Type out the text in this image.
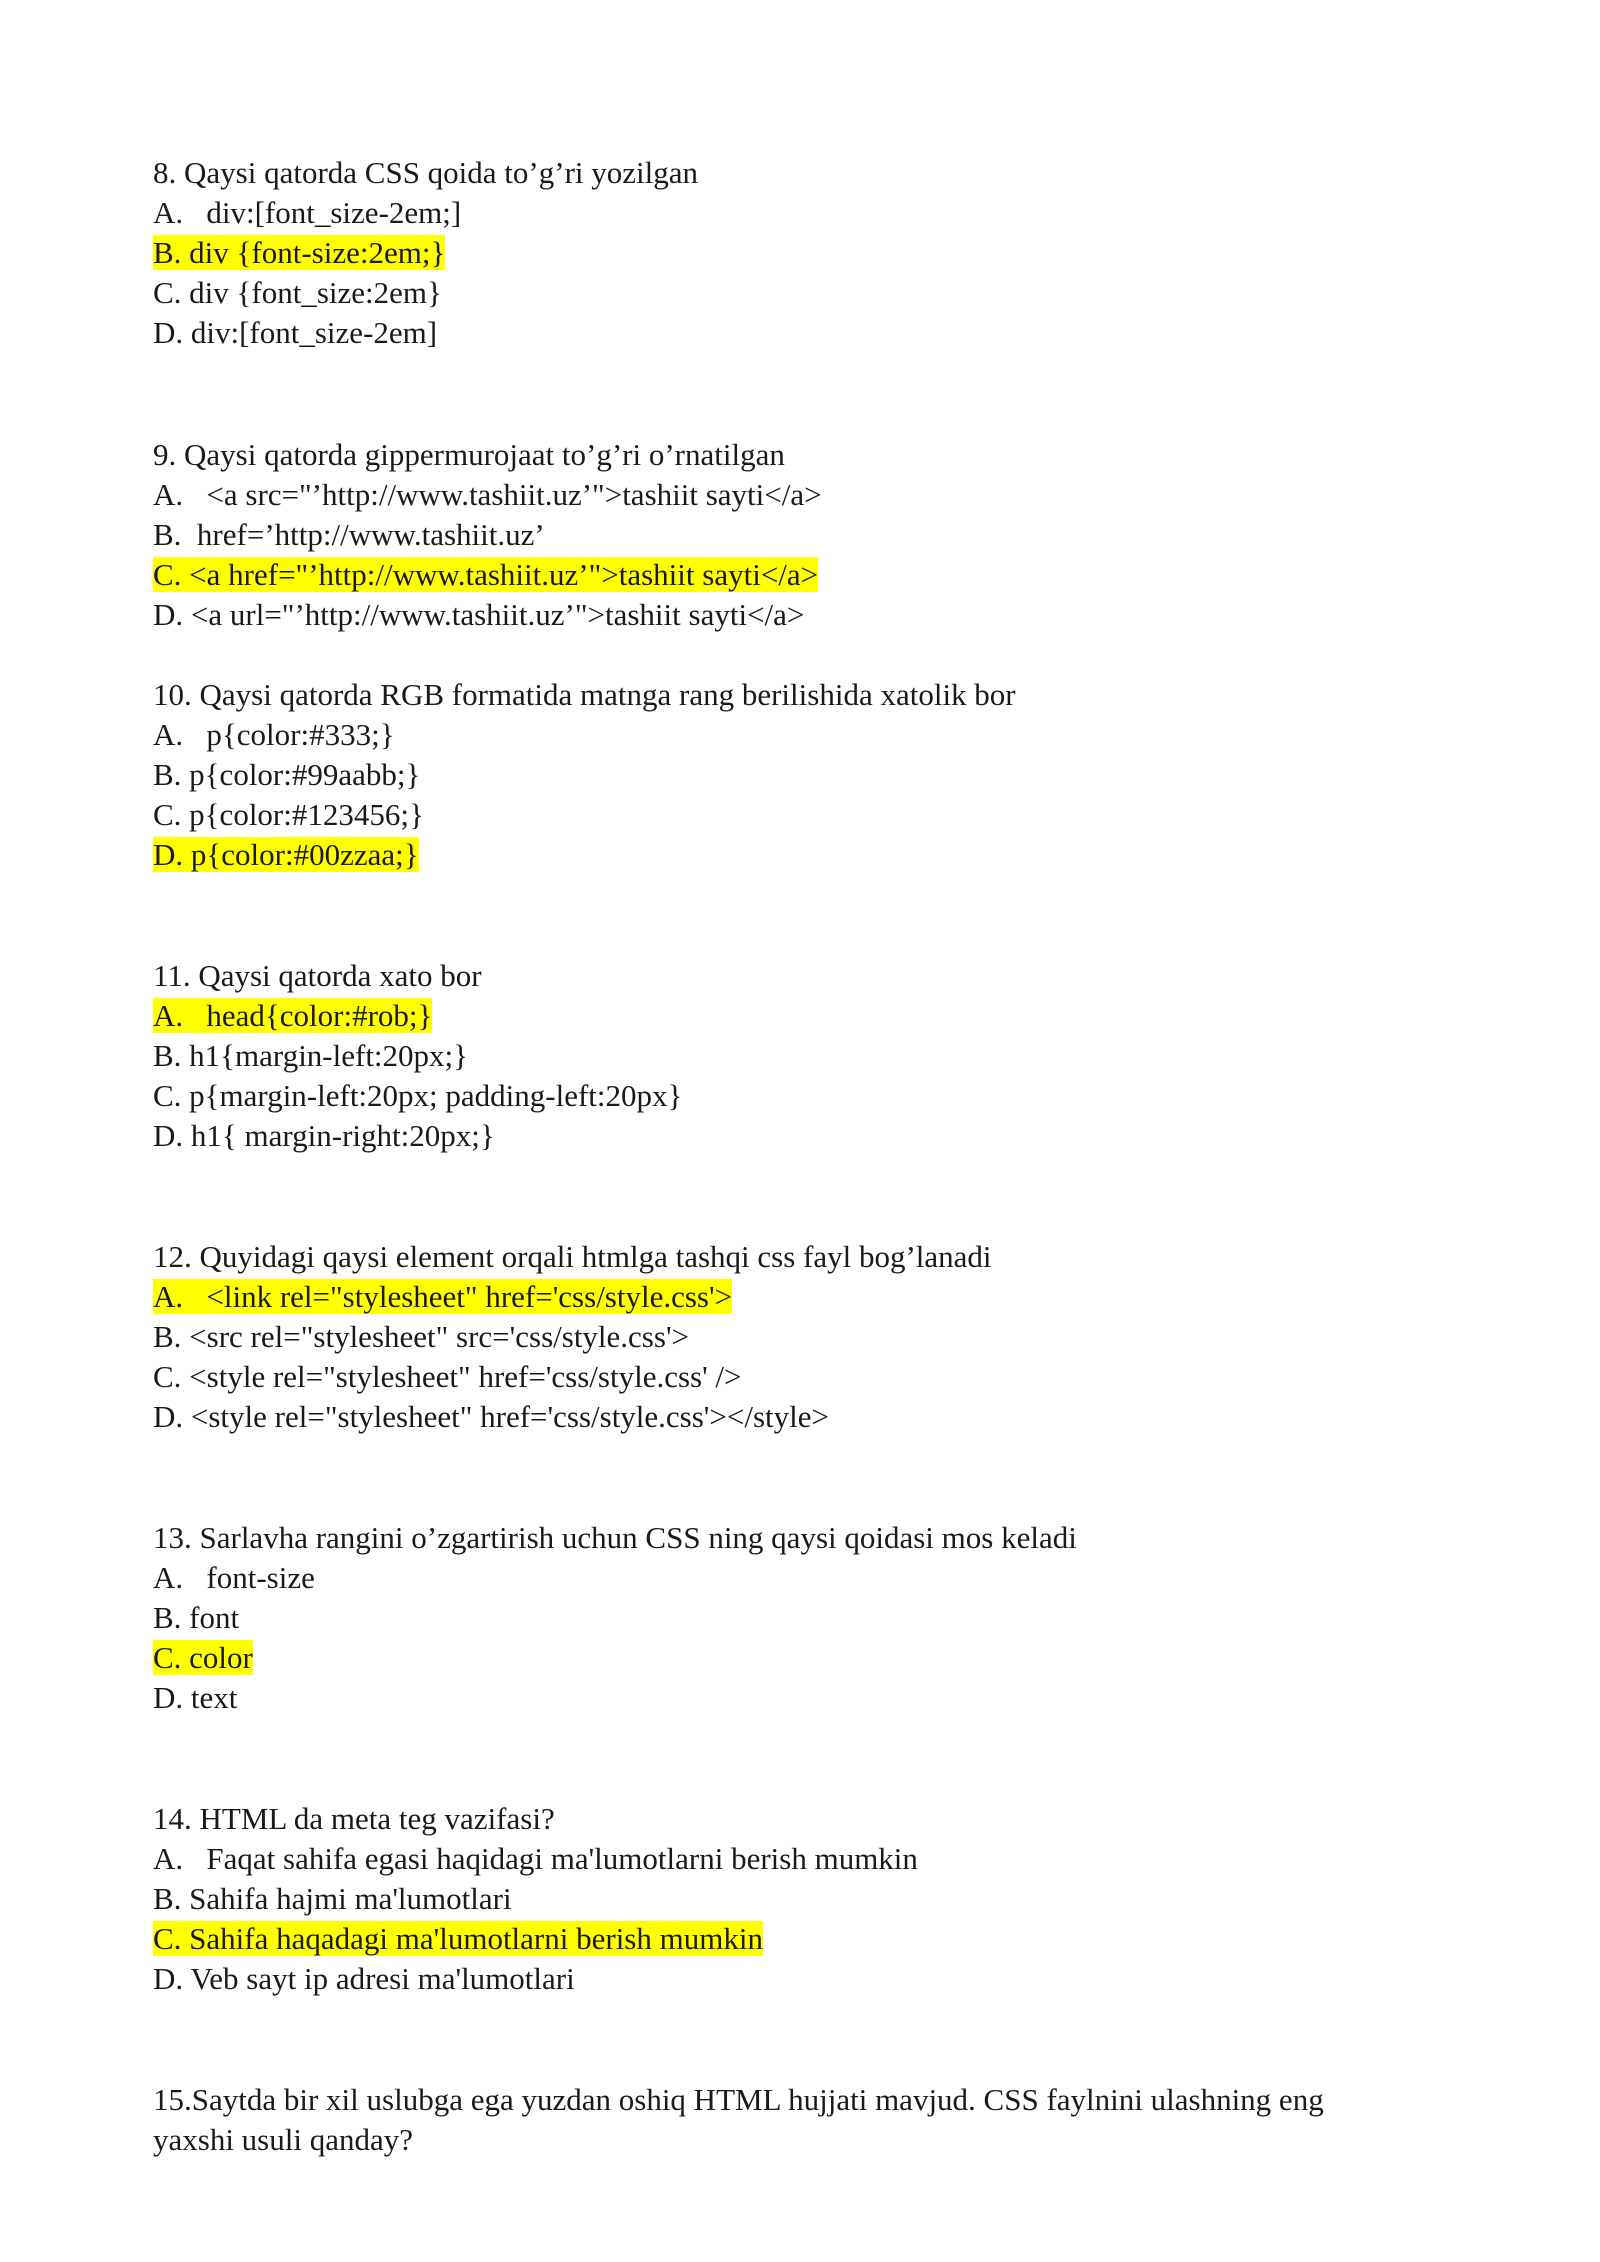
8. Qaysi qatorda CSS qoida to’g’ri yozilgan
A.   div:[font_size-2em;]
B. div {font-size:2em;}
C. div {font_size:2em}
D. div:[font_size-2em]
9. Qaysi qatorda gippermurojaat to’g’ri o’rnatilgan
A.   <a src="’http://www.tashiit.uz’">tashiit sayti</a>
B.  href=’http://www.tashiit.uz’
C. <a href="’http://www.tashiit.uz’">tashiit sayti</a>
D. <a url="’http://www.tashiit.uz’">tashiit sayti</a>
10. Qaysi qatorda RGB formatida matnga rang berilishida xatolik bor
A.   p{color:#333;}
B. p{color:#99aabb;}
C. p{color:#123456;}
D. p{color:#00zzaa;}
11. Qaysi qatorda xato bor
A.   head{color:#rob;}
B. h1{margin-left:20px;}
C. p{margin-left:20px; padding-left:20px}
D. h1{ margin-right:20px;}
12. Quyidagi qaysi element orqali htmlga tashqi css fayl bog’lanadi
A.   <link rel="stylesheet" href='css/style.css'>
B. <src rel="stylesheet" src='css/style.css'>
C. <style rel="stylesheet" href='css/style.css' />
D. <style rel="stylesheet" href='css/style.css'></style>
13. Sarlavha rangini o’zgartirish uchun CSS ning qaysi qoidasi mos keladi
A.   font-size
B. font
C. color
D. text
14. HTML da meta teg vazifasi?
A.   Faqat sahifa egasi haqidagi ma'lumotlarni berish mumkin
B. Sahifa hajmi ma'lumotlari
C. Sahifa haqadagi ma'lumotlarni berish mumkin
D. Veb sayt ip adresi ma'lumotlari
15.Saytda bir xil uslubga ega yuzdan oshiq HTML hujjati mavjud. CSS faylnini ulashning eng
yaxshi usuli qanday?
